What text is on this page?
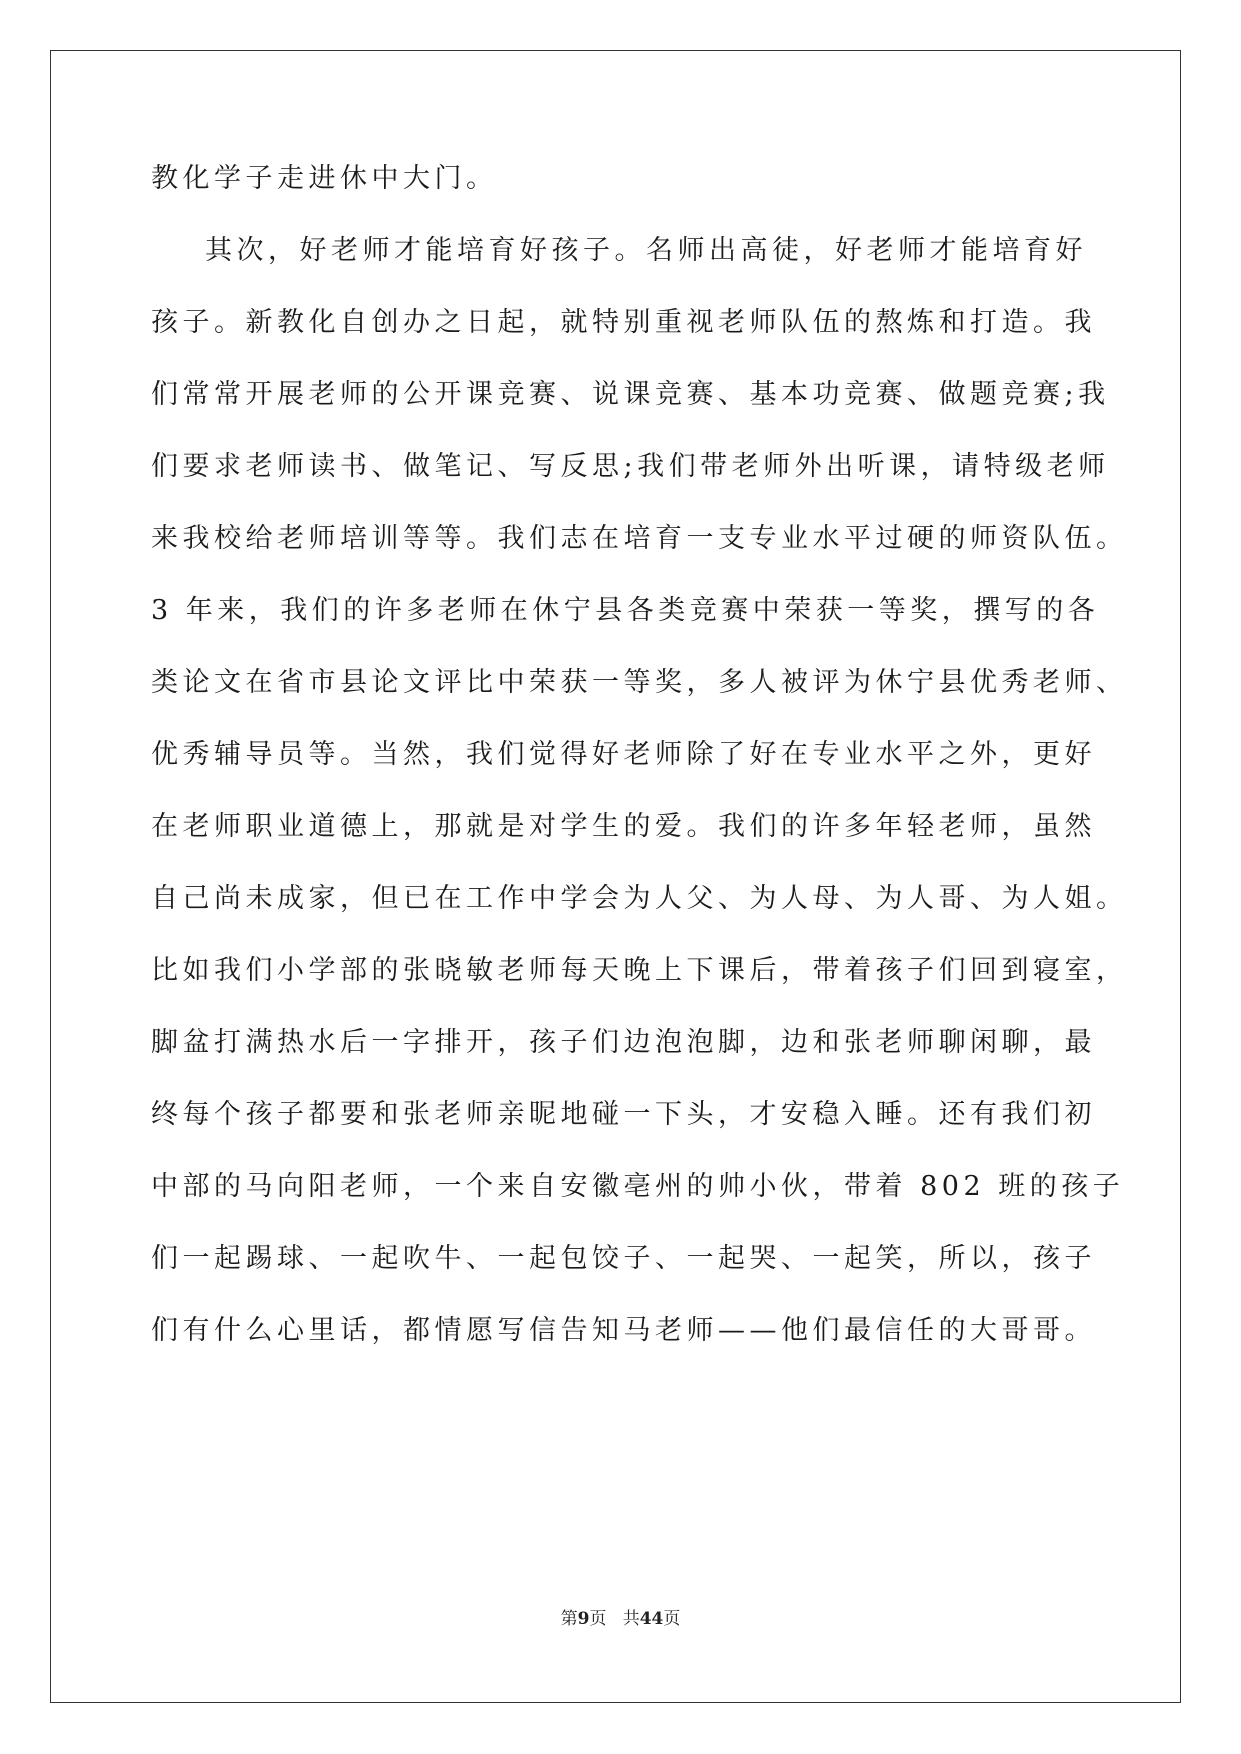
教化学子走进休中大门。
其次，好老师才能培育好孩子。名师出高徒，好老师才能培育好
孩子。新教化自创办之日起，就特别重视老师队伍的熬炼和打造。我
们常常开展老师的公开课竞赛、说课竞赛、基本功竞赛、做题竞赛;我
们要求老师读书、做笔记、写反思;我们带老师外出听课，请特级老师
来我校给老师培训等等。我们志在培育一支专业水平过硬的师资队伍。
3 年来，我们的许多老师在休宁县各类竞赛中荣获一等奖，撰写的各
类论文在省市县论文评比中荣获一等奖，多人被评为休宁县优秀老师、
优秀辅导员等。当然，我们觉得好老师除了好在专业水平之外，更好
在老师职业道德上，那就是对学生的爱。我们的许多年轻老师，虽然
自己尚未成家，但已在工作中学会为人父、为人母、为人哥、为人姐。
比如我们小学部的张晓敏老师每天晚上下课后，带着孩子们回到寝室，
脚盆打满热水后一字排开，孩子们边泡泡脚，边和张老师聊闲聊，最
终每个孩子都要和张老师亲昵地碰一下头，才安稳入睡。还有我们初
中部的马向阳老师，一个来自安徽亳州的帅小伙，带着 802 班的孩子
们一起踢球、一起吹牛、一起包饺子、一起哭、一起笑，所以，孩子
们有什么心里话，都情愿写信告知马老师——他们最信任的大哥哥。
第9页 共44页
